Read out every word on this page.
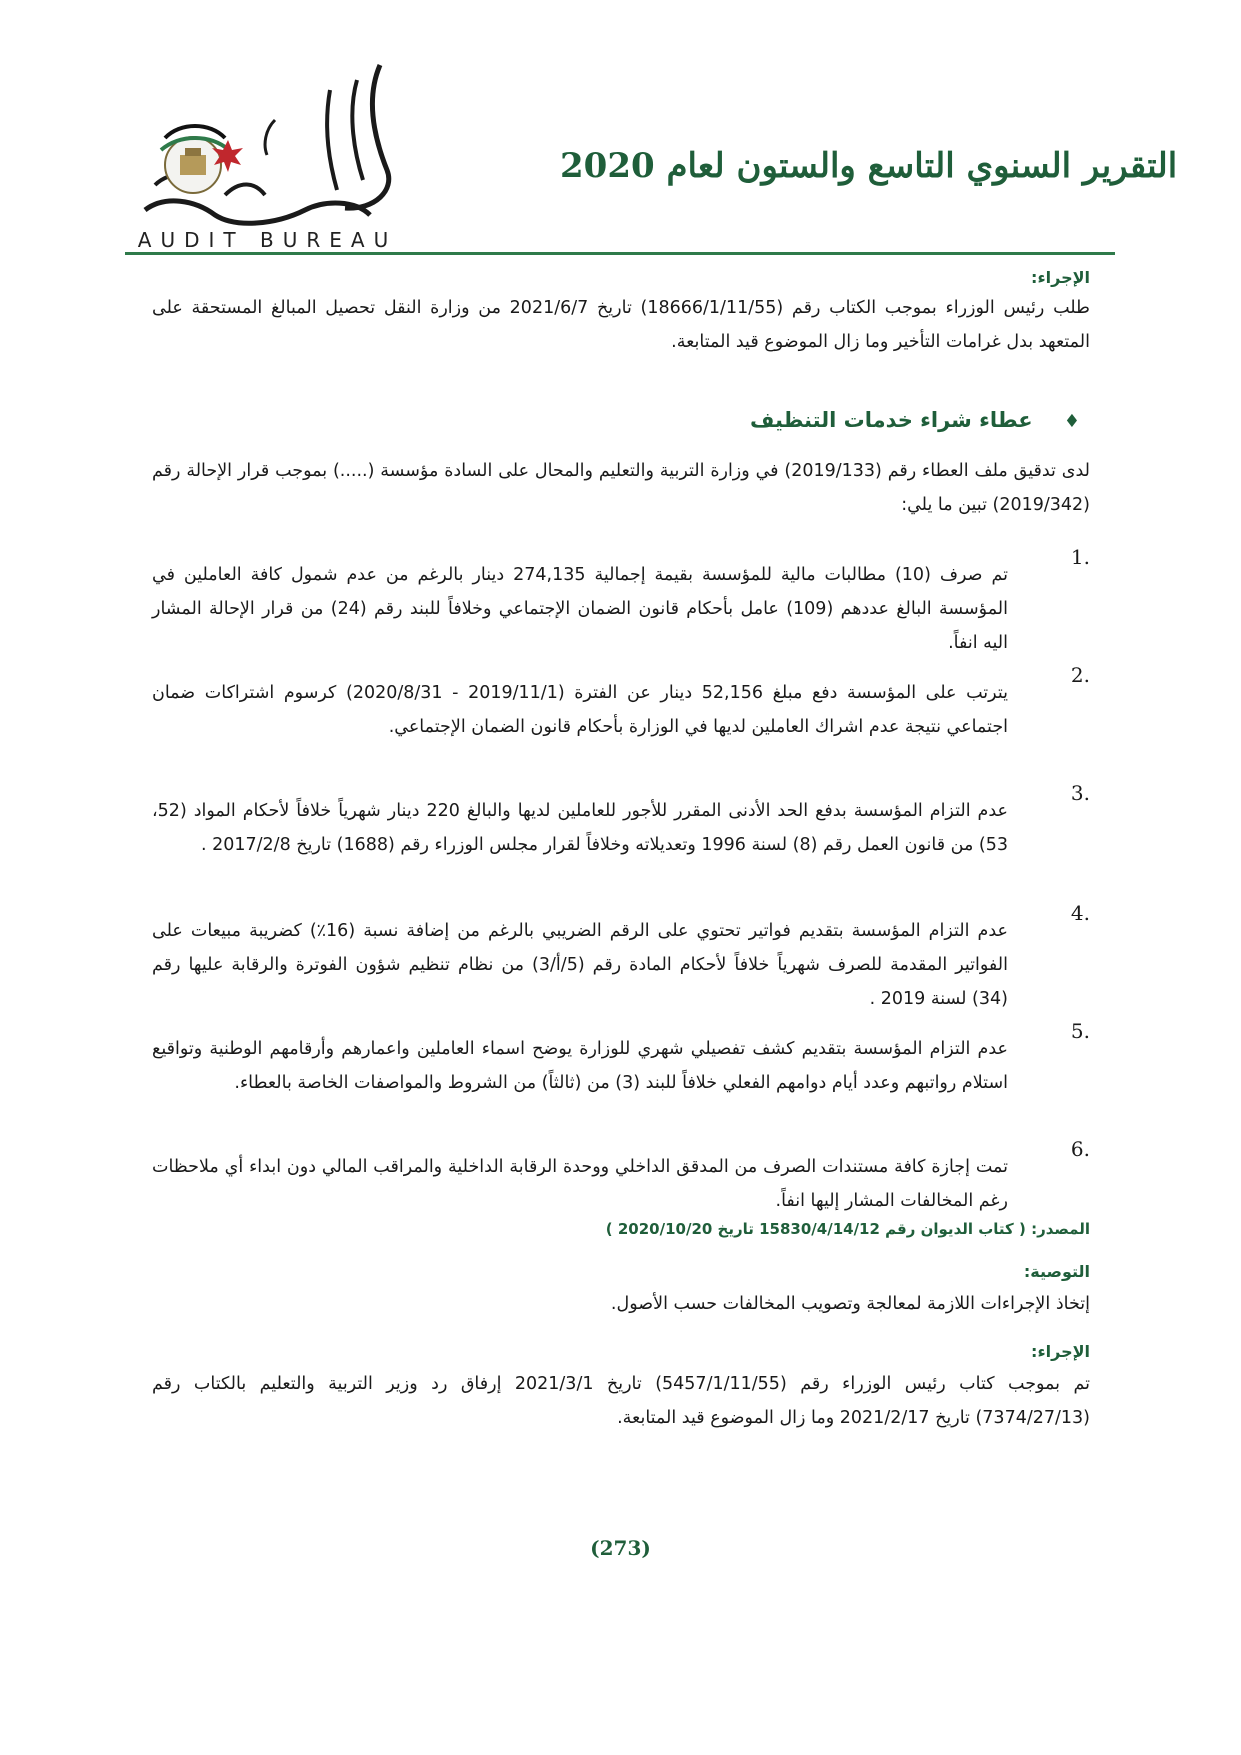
التقرير السنوي التاسع والستون لعام 2020
AUDIT BUREAU

الإجراء:

طلب رئيس الوزراء بموجب الكتاب رقم (18666/1/11/55) تاريخ 2021/6/7 من وزارة النقل تحصيل المبالغ المستحقة على المتعهد بدل غرامات التأخير وما زال الموضوع قيد المتابعة.

♦ عطاء شراء خدمات التنظيف

لدى تدقيق ملف العطاء رقم (2019/133) في وزارة التربية والتعليم والمحال على السادة مؤسسة (.....) بموجب قرار الإحالة رقم (2019/342) تبين ما يلي:

.1

تم صرف (10) مطالبات مالية للمؤسسة بقيمة إجمالية 274,135 دينار بالرغم من عدم شمول كافة العاملين في المؤسسة البالغ عددهم (109) عامل بأحكام قانون الضمان الإجتماعي وخلافاً للبند رقم (24) من قرار الإحالة المشار اليه انفاً.

.2

يترتب على المؤسسة دفع مبلغ 52,156 دينار عن الفترة (2019/11/1 - 2020/8/31) كرسوم اشتراكات ضمان اجتماعي نتيجة عدم اشراك العاملين لديها في الوزارة بأحكام قانون الضمان الإجتماعي.

.3

عدم التزام المؤسسة بدفع الحد الأدنى المقرر للأجور للعاملين لديها والبالغ 220 دينار شهرياً خلافاً لأحكام المواد (52، 53) من قانون العمل رقم (8) لسنة 1996 وتعديلاته وخلافاً لقرار مجلس الوزراء رقم (1688) تاريخ 2017/2/8 .

.4

عدم التزام المؤسسة بتقديم فواتير تحتوي على الرقم الضريبي بالرغم من إضافة نسبة (16٪) كضريبة مبيعات على الفواتير المقدمة للصرف شهرياً خلافاً لأحكام المادة رقم (5/أ/3) من نظام تنظيم شؤون الفوترة والرقابة عليها رقم (34) لسنة 2019 .

.5

عدم التزام المؤسسة بتقديم كشف تفصيلي شهري للوزارة يوضح اسماء العاملين واعمارهم وأرقامهم الوطنية وتواقيع استلام رواتبهم وعدد أيام دوامهم الفعلي خلافاً للبند (3) من (ثالثاً) من الشروط والمواصفات الخاصة بالعطاء.

.6

تمت إجازة كافة مستندات الصرف من المدقق الداخلي ووحدة الرقابة الداخلية والمراقب المالي دون ابداء أي ملاحظات رغم المخالفات المشار إليها انفاً.

المصدر: ( كتاب الديوان رقم 15830/4/14/12 تاريخ 2020/10/20 )

التوصية:

إتخاذ الإجراءات اللازمة لمعالجة وتصويب المخالفات حسب الأصول.

الإجراء:

تم بموجب كتاب رئيس الوزراء رقم (5457/1/11/55) تاريخ 2021/3/1 إرفاق رد وزير التربية والتعليم بالكتاب رقم (7374/27/13) تاريخ 2021/2/17 وما زال الموضوع قيد المتابعة.

(273)
